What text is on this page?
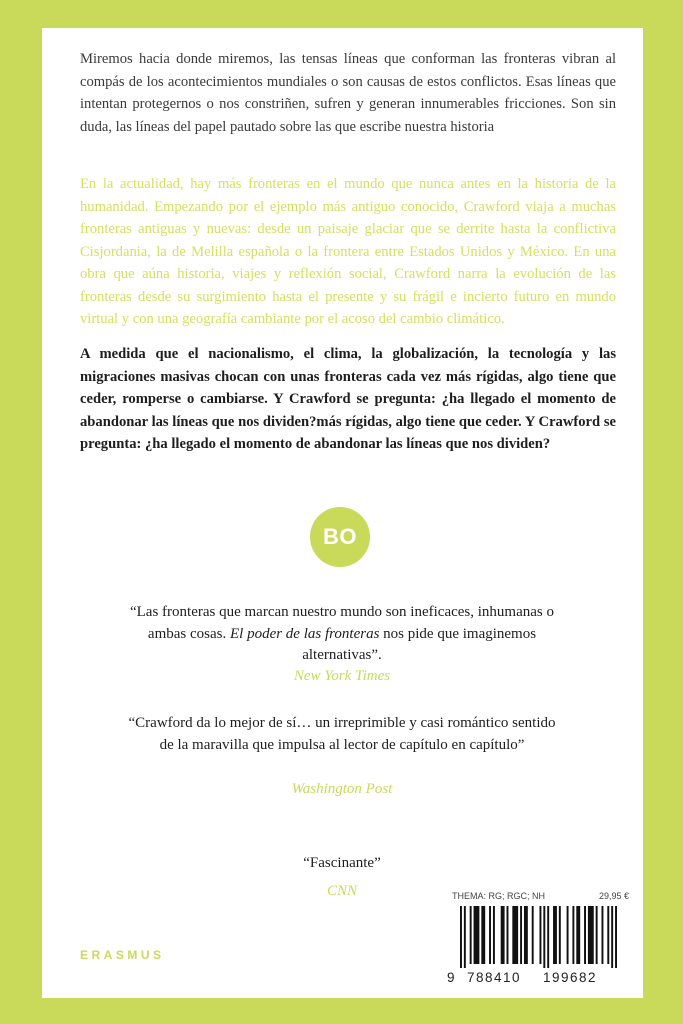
Miremos hacia donde miremos, las tensas líneas que conforman las fronteras vibran al compás de los acontecimientos mundiales o son causas de estos conflictos. Esas líneas que intentan protegernos o nos constriñen, sufren y generan innumerables fricciones. Son sin duda, las líneas del papel pautado sobre las que escribe nuestra historia

En la actualidad, hay más fronteras en el mundo que nunca antes en la historia de la humanidad. Empezando por el ejemplo más antiguo conocido, Crawford viaja a muchas fronteras antiguas y nuevas: desde un paisaje glaciar que se derrite hasta la conflictiva Cisjordania, la de Melilla española o la frontera entre Estados Unidos y México. En una obra que aúna historia, viajes y reflexión social, Crawford narra la evolución de las fronteras desde su surgimiento hasta el presente y su frágil e incierto futuro en mundo virtual y con una geografía cambiante por el acoso del cambio climático.

A medida que el nacionalismo, el clima, la globalización, la tecnología y las migraciones masivas chocan con unas fronteras cada vez más rígidas, algo tiene que ceder, romperse o cambiarse. Y Crawford se pregunta: ¿ha llegado el momento de abandonar las líneas que nos dividen?más rígidas, algo tiene que ceder. Y Crawford se pregunta: ¿ha llegado el momento de abandonar las líneas que nos dividen?

BO

“Las fronteras que marcan nuestro mundo son ineficaces, inhumanas o ambas cosas. El poder de las fronteras nos pide que imaginemos alternativas”.

New York Times

“Crawford da lo mejor de sí… un irreprimible y casi romántico sentido de la maravilla que impulsa al lector de capítulo en capítulo”

Washington Post

“Fascinante”

CNN	THEMA: RG; RGC; NH	29,95 €
9 788410 199682
ERASMUS
